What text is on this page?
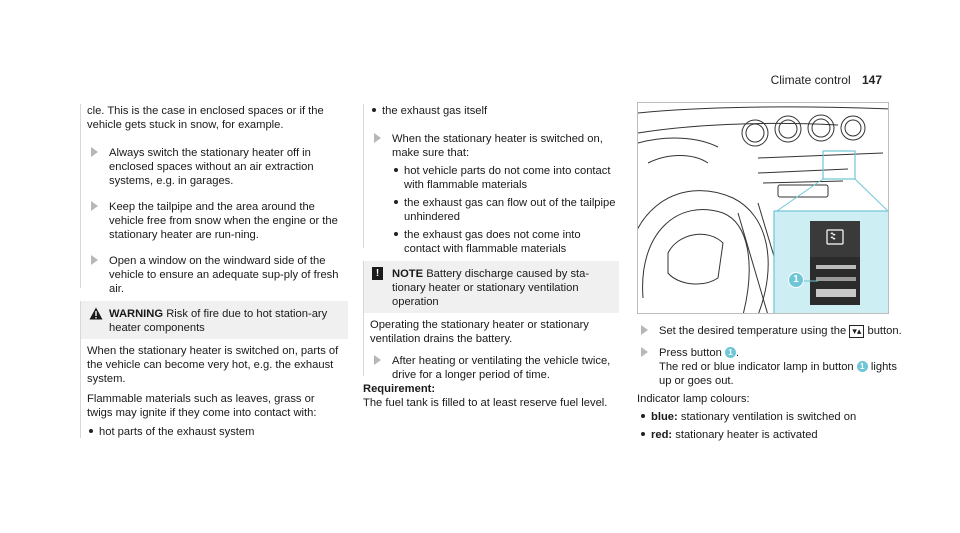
Climate control 147
cle. This is the case in enclosed spaces or if the vehicle gets stuck in snow, for example.
Always switch the stationary heater off in enclosed spaces without an air extraction systems, e.g. in garages.
Keep the tailpipe and the area around the vehicle free from snow when the engine or the stationary heater are run-ning.
Open a window on the windward side of the vehicle to ensure an adequate sup-ply of fresh air.
WARNING Risk of fire due to hot station-ary heater components
When the stationary heater is switched on, parts of the vehicle can become very hot, e.g. the exhaust system.
Flammable materials such as leaves, grass or twigs may ignite if they come into contact with:
hot parts of the exhaust system
the exhaust gas itself
When the stationary heater is switched on, make sure that:
hot vehicle parts do not come into contact with flammable materials
the exhaust gas can flow out of the tailpipe unhindered
the exhaust gas does not come into contact with flammable materials
!	NOTE Battery discharge caused by sta-tionary heater or stationary ventilation operation
Operating the stationary heater or stationary ventilation drains the battery.
After heating or ventilating the vehicle twice, drive for a longer period of time.
Requirement:
The fuel tank is filled to at least reserve fuel level.
1
Set the desired temperature using the ▾▴ button.
Press button 1 .
The red or blue indicator lamp in button 1 lights up or goes out.
Indicator lamp colours:
blue: stationary ventilation is switched on
red: stationary heater is activated
